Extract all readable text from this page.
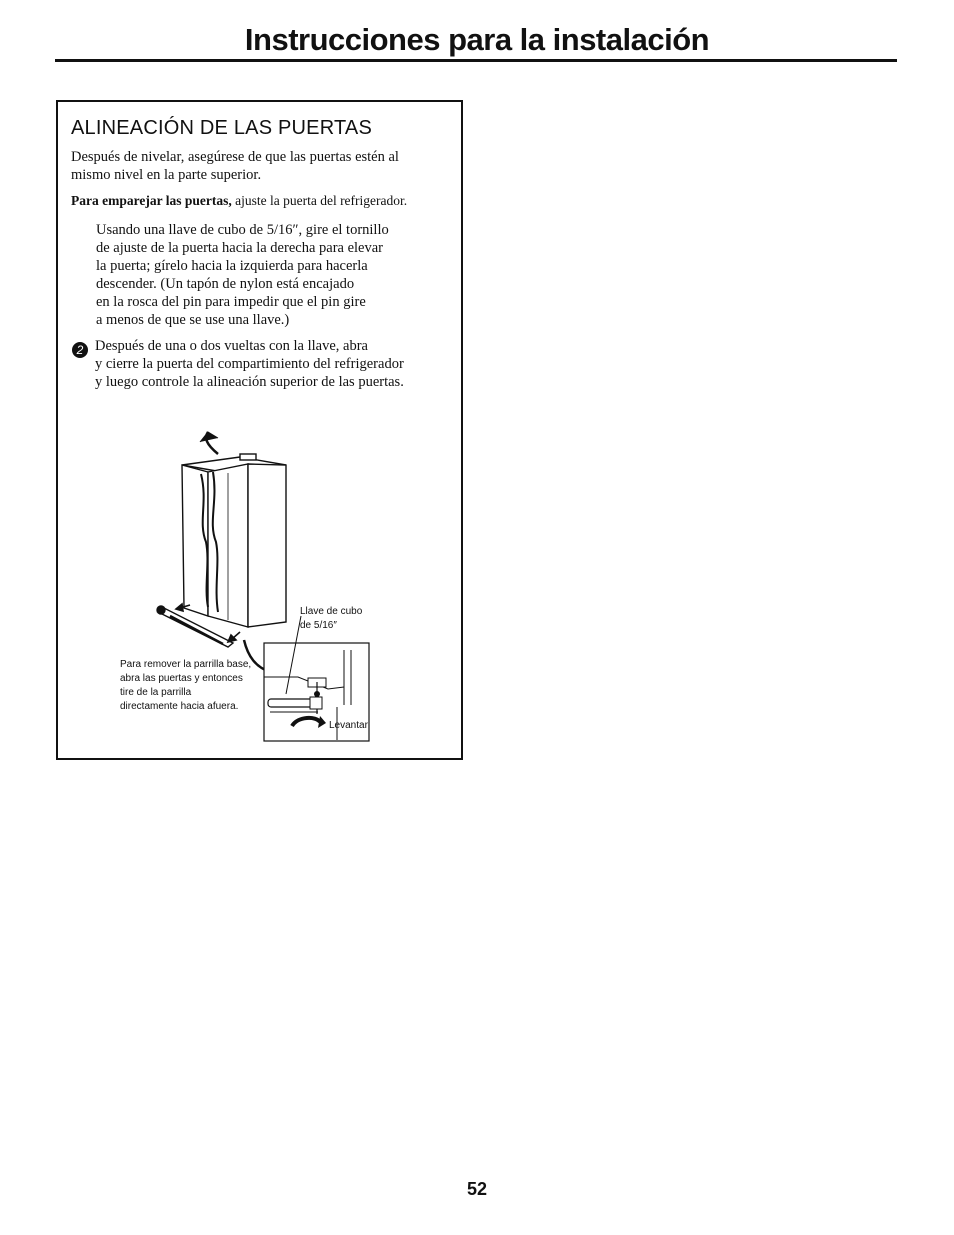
Instrucciones para la instalación
ALINEACIÓN DE LAS PUERTAS

Después de nivelar, asegúrese de que las puertas estén al
mismo nivel en la parte superior.

Para emparejar las puertas, ajuste la puerta del refrigerador.

Usando una llave de cubo de 5/16″, gire el tornillo
de ajuste de la puerta hacia la derecha para elevar
la puerta; gírelo hacia la izquierda para hacerla
descender. (Un tapón de nylon está encajado
en la rosca del pin para impedir que el pin gire
a menos de que se use una llave.)

2 Después de una o dos vueltas con la llave, abra
y cierre la puerta del compartimiento del refrigerador
y luego controle la alineación superior de las puertas.

Llave de cubo
de 5/16″
Para remover la parrilla base,
abra las puertas y entonces
tire de la parrilla
directamente hacia afuera.
Levantar
52
